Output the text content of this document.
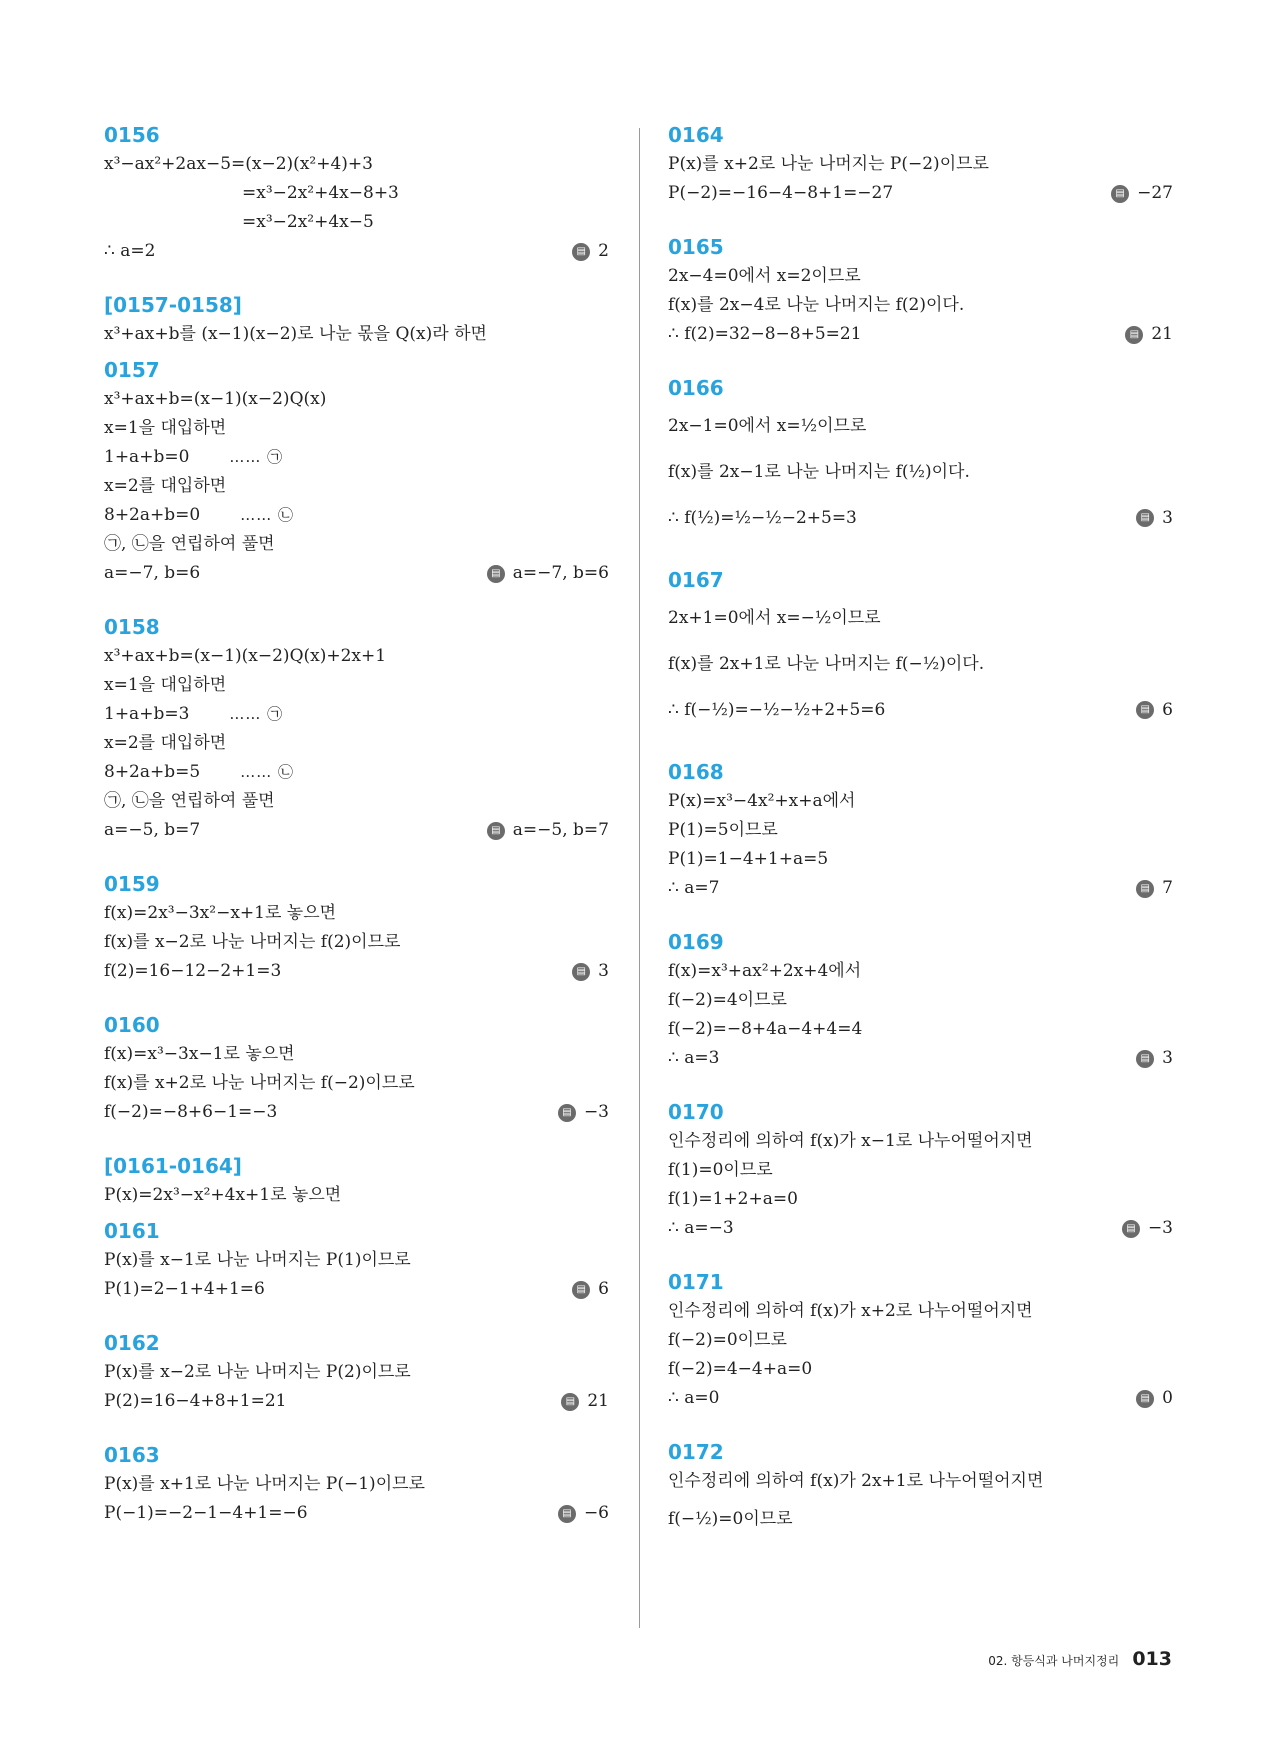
0156
x³−ax²+2ax−5=(x−2)(x²+4)+3
=x³−2x²+4x−8+3
=x³−2x²+4x−5
∴ a=2	▤ 2
[0157-0158]
x³+ax+b를 (x−1)(x−2)로 나눈 몫을 Q(x)라 하면
0157
x³+ax+b=(x−1)(x−2)Q(x)
x=1을 대입하면
1+a+b=0	…… ㉠
x=2를 대입하면
8+2a+b=0	…… ㉡
㉠, ㉡을 연립하여 풀면
a=−7, b=6	▤ a=−7, b=6
0158
x³+ax+b=(x−1)(x−2)Q(x)+2x+1
x=1을 대입하면
1+a+b=3	…… ㉠
x=2를 대입하면
8+2a+b=5	…… ㉡
㉠, ㉡을 연립하여 풀면
a=−5, b=7	▤ a=−5, b=7
0159
f(x)=2x³−3x²−x+1로 놓으면
f(x)를 x−2로 나눈 나머지는 f(2)이므로
f(2)=16−12−2+1=3	▤ 3
0160
f(x)=x³−3x−1로 놓으면
f(x)를 x+2로 나눈 나머지는 f(−2)이므로
f(−2)=−8+6−1=−3	▤ −3
[0161-0164]
P(x)=2x³−x²+4x+1로 놓으면
0161
P(x)를 x−1로 나눈 나머지는 P(1)이므로
P(1)=2−1+4+1=6	▤ 6
0162
P(x)를 x−2로 나눈 나머지는 P(2)이므로
P(2)=16−4+8+1=21	▤ 21
0163
P(x)를 x+1로 나눈 나머지는 P(−1)이므로
P(−1)=−2−1−4+1=−6	▤ −6
0164
P(x)를 x+2로 나눈 나머지는 P(−2)이므로
P(−2)=−16−4−8+1=−27	▤ −27
0165
2x−4=0에서 x=2이므로
f(x)를 2x−4로 나눈 나머지는 f(2)이다.
∴ f(2)=32−8−8+5=21	▤ 21
0166
2x−1=0에서 x=½이므로
f(x)를 2x−1로 나눈 나머지는 f(½)이다.
∴ f(½)=½−½−2+5=3	▤ 3
0167
2x+1=0에서 x=−½이므로
f(x)를 2x+1로 나눈 나머지는 f(−½)이다.
∴ f(−½)=−½−½+2+5=6	▤ 6
0168
P(x)=x³−4x²+x+a에서
P(1)=5이므로
P(1)=1−4+1+a=5
∴ a=7	▤ 7
0169
f(x)=x³+ax²+2x+4에서
f(−2)=4이므로
f(−2)=−8+4a−4+4=4
∴ a=3	▤ 3
0170
인수정리에 의하여 f(x)가 x−1로 나누어떨어지면
f(1)=0이므로
f(1)=1+2+a=0
∴ a=−3	▤ −3
0171
인수정리에 의하여 f(x)가 x+2로 나누어떨어지면
f(−2)=0이므로
f(−2)=4−4+a=0
∴ a=0	▤ 0
0172
인수정리에 의하여 f(x)가 2x+1로 나누어떨어지면
f(−½)=0이므로
02. 항등식과 나머지정리 013
